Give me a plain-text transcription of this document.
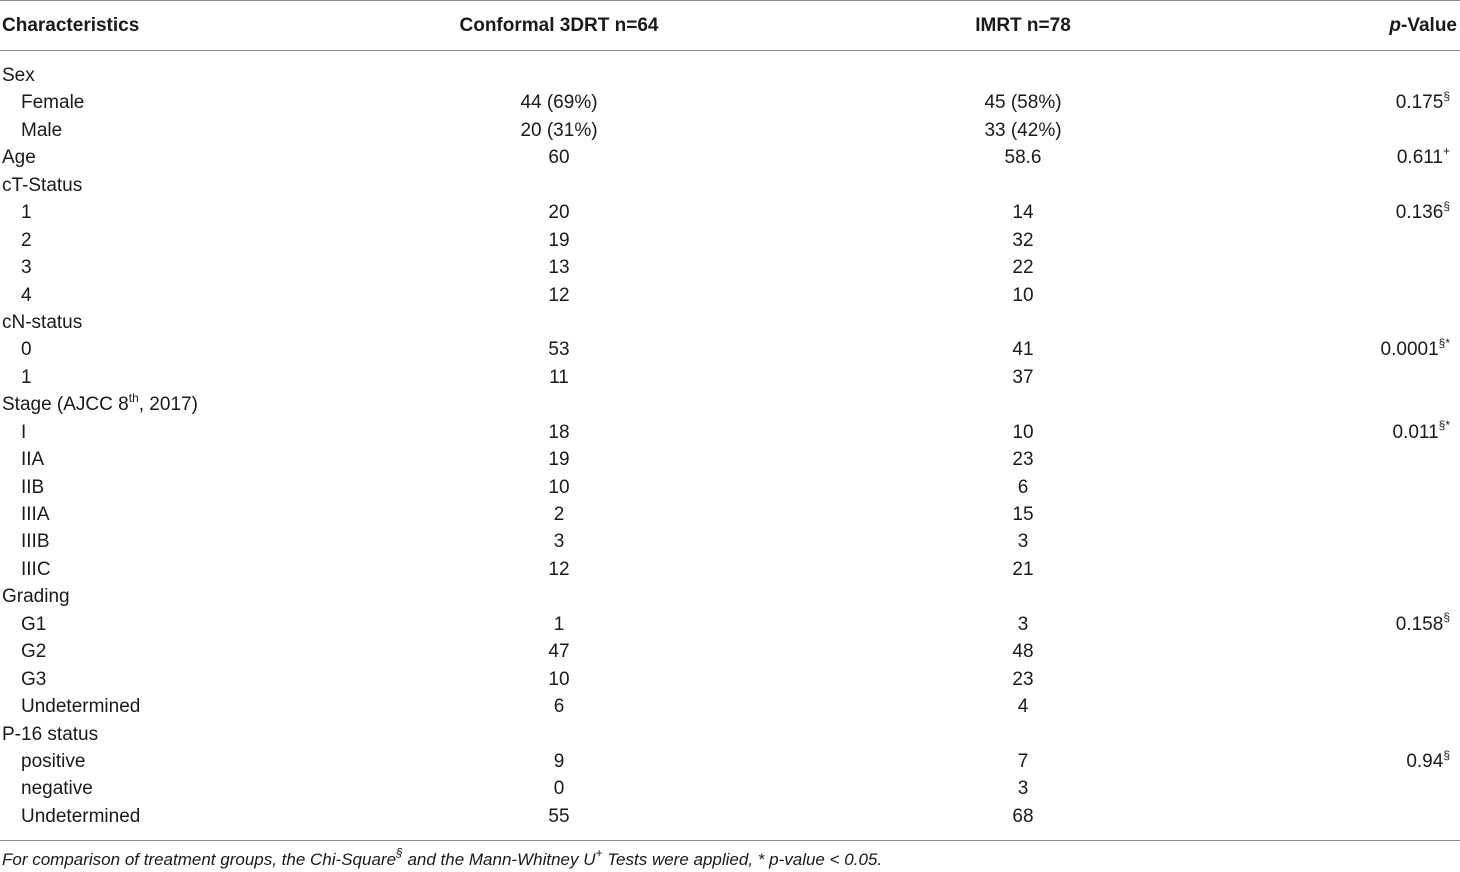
Characteristics	Conformal 3DRT n=64	IMRT n=78	p-Value
Sex
Female	44 (69%)	45 (58%)	0.175§
Male	20 (31%)	33 (42%)
Age	60	58.6	0.611+
cT-Status
1	20	14	0.136§
2	19	32
3	13	22
4	12	10
cN-status
0	53	41	0.0001§*
1	11	37
Stage (AJCC 8th, 2017)
I	18	10	0.011§*
IIA	19	23
IIB	10	6
IIIA	2	15
IIIB	3	3
IIIC	12	21
Grading
G1	1	3	0.158§
G2	47	48
G3	10	23
Undetermined	6	4
P-16 status
positive	9	7	0.94§
negative	0	3
Undetermined	55	68
For comparison of treatment groups, the Chi-Square§ and the Mann-Whitney U+ Tests were applied, * p-value < 0.05.
